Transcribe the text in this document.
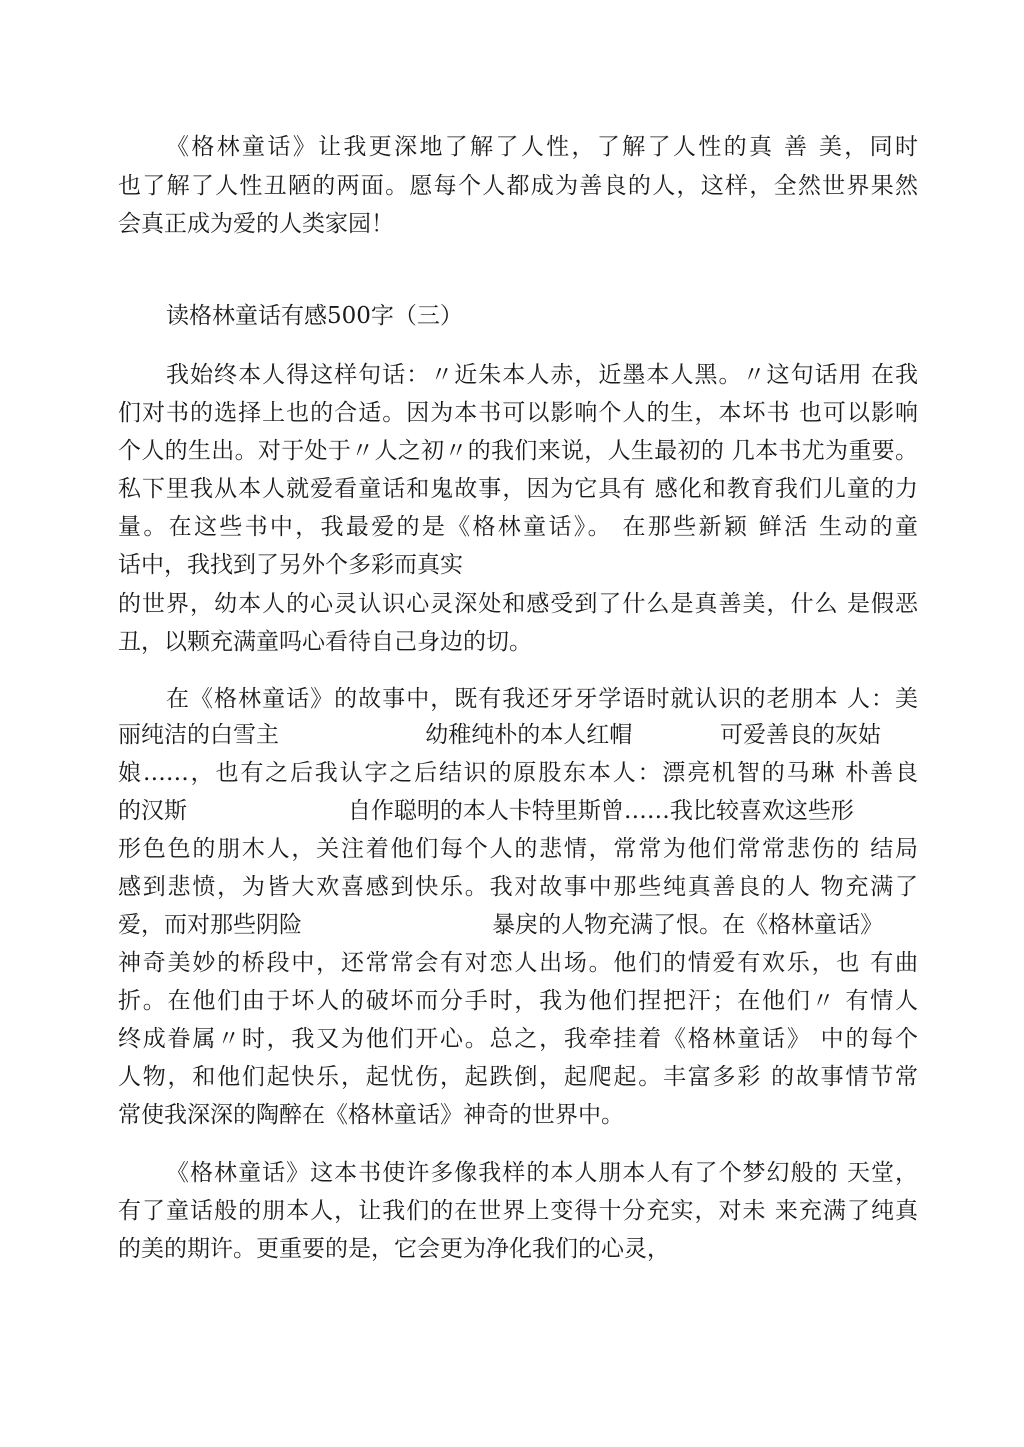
《格林童话》让我更深地了解了人性，了解了人性的真 善 美，同时
也了解了人性丑陋的两面。愿每个人都成为善良的人，这样，全然世界果然
会真正成为爱的人类家园！
读格林童话有感500字（三）
我始终本人得这样句话：〃近朱本人赤，近墨本人黑。〃这句话用 在我
们对书的选择上也的合适。因为本书可以影响个人的生，本坏书 也可以影响
个人的生出。对于处于〃人之初〃的我们来说，人生最初的 几本书尤为重要。
私下里我从本人就爱看童话和鬼故事，因为它具有 感化和教育我们儿童的力
量。在这些书中，我最爱的是《格林童话》。 在那些新颖 鲜活 生动的童
话中，我找到了另外个多彩而真实
的世界，幼本人的心灵认识心灵深处和感受到了什么是真善美，什么 是假恶
丑，以颗充满童吗心看待自己身边的切。
在《格林童话》的故事中，既有我还牙牙学语时就认识的老朋本 人：美
丽纯洁的白雪主                    幼稚纯朴的本人红帽            可爱善良的灰姑
娘……，也有之后我认字之后结识的原股东本人：漂亮机智的马琳 朴善良
的汉斯                      自作聪明的本人卡特里斯曾……我比较喜欢这些形
形色色的朋木人，关注着他们每个人的悲情，常常为他们常常悲伤的 结局
感到悲愤，为皆大欢喜感到快乐。我对故事中那些纯真善良的人 物充满了
爱，而对那些阴险                          暴戾的人物充满了恨。在《格林童话》
神奇美妙的桥段中，还常常会有对恋人出场。他们的情爱有欢乐，也 有曲
折。在他们由于坏人的破坏而分手时，我为他们捏把汗；在他们〃 有情人
终成眷属〃时，我又为他们开心。总之，我牵挂着《格林童话》 中的每个
人物，和他们起快乐，起忧伤，起跌倒，起爬起。丰富多彩 的故事情节常
常使我深深的陶醉在《格林童话》神奇的世界中。
《格林童话》这本书使许多像我样的本人朋本人有了个梦幻般的 天堂，
有了童话般的朋本人，让我们的在世界上变得十分充实，对未 来充满了纯真
的美的期许。更重要的是，它会更为净化我们的心灵，
